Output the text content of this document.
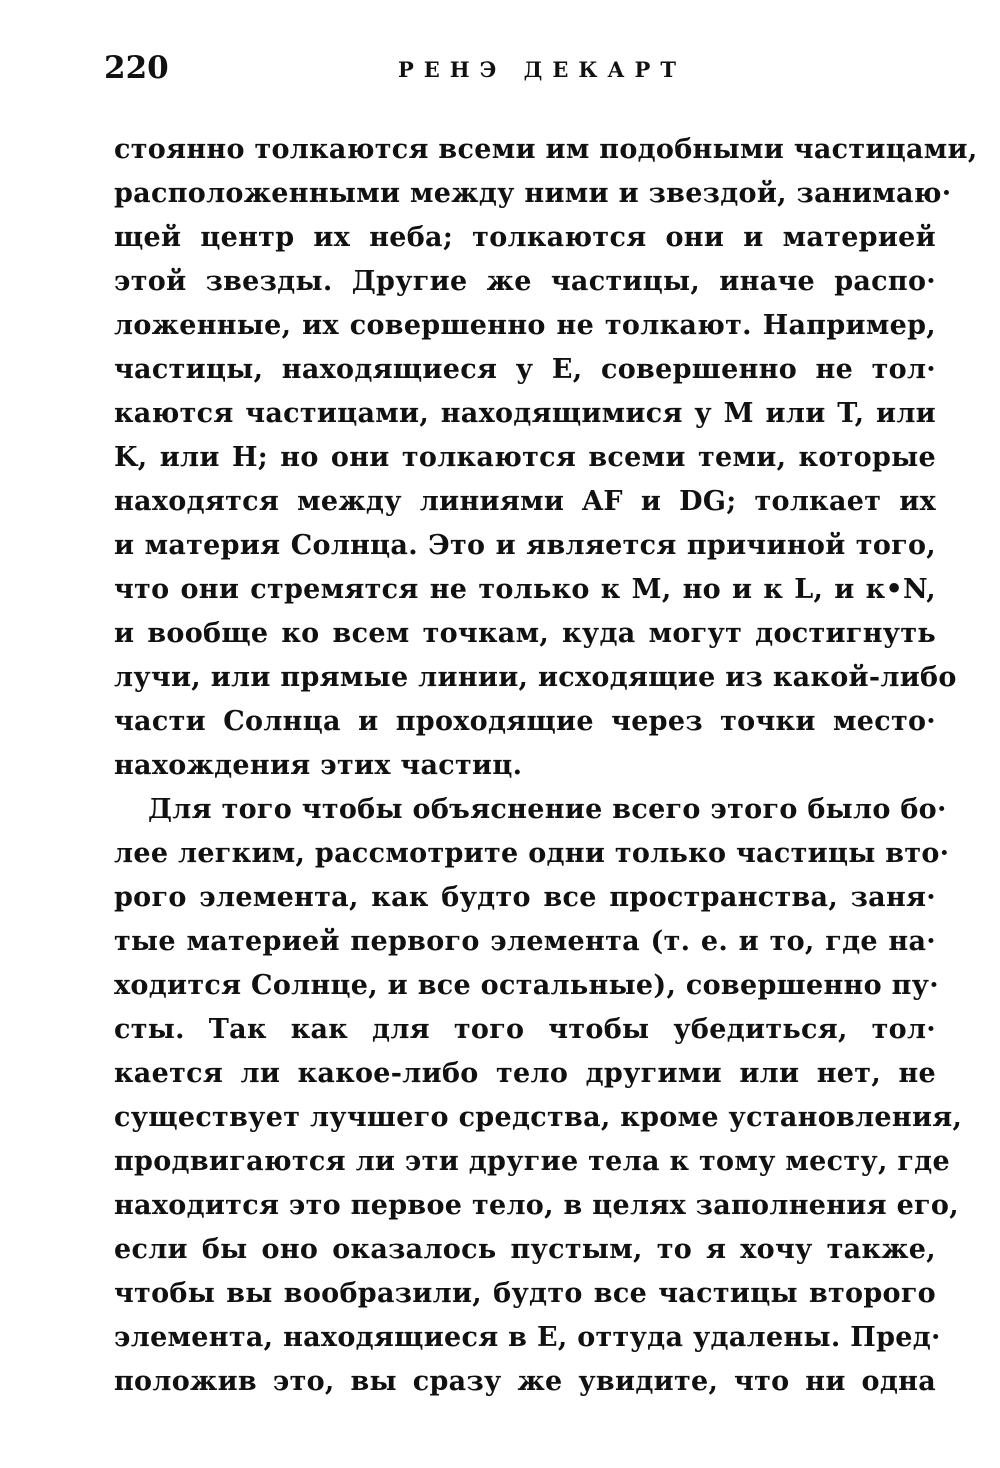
220	РЕНЭ ДЕКАРТ
стоянно толкаются всеми им подобными частицами,
расположенными между ними и звездой, занимаю·
щей центр их неба; толкаются они и материей
этой звезды. Другие же частицы, иначе распо·
ложенные, их совершенно не толкают. Например,
частицы, находящиеся у E, совершенно не тол·
каются частицами, находящимися у M или T, или
K, или H; но они толкаются всеми теми, которые
находятся между линиями AF и DG; толкает их
и материя Солнца. Это и является причиной того,
что они стремятся не только к M, но и к L, и к•N,
и вообще ко всем точкам, куда могут достигнуть
лучи, или прямые линии, исходящие из какой-либо
части Солнца и проходящие через точки место·
нахождения этих частиц.
Для того чтобы объяснение всего этого было бо·
лее легким, рассмотрите одни только частицы вто·
рого элемента, как будто все пространства, заня·
тые материей первого элемента (т. е. и то, где на·
ходится Солнце, и все остальные), совершенно пу·
сты. Так как для того чтобы убедиться, тол·
кается ли какое-либо тело другими или нет, не
существует лучшего средства, кроме установления,
продвигаются ли эти другие тела к тому месту, где
находится это первое тело, в целях заполнения его,
если бы оно оказалось пустым, то я хочу также,
чтобы вы вообразили, будто все частицы второго
элемента, находящиеся в E, оттуда удалены. Пред·
положив это, вы сразу же увидите, что ни одна
